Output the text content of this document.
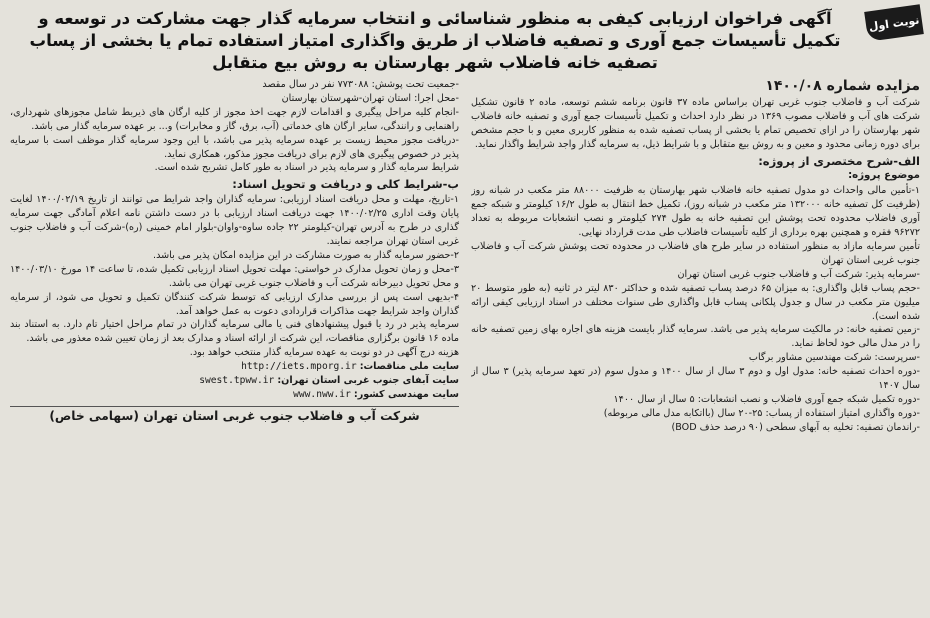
نوبت اول
آگهی فراخوان ارزیابی کیفی به منظور شناسائی و انتخاب سرمایه گذار جهت مشارکت در توسعه و تکمیل تأسیسات جمع آوری و تصفیه فاضلاب از طریق واگذاری امتیاز استفاده تمام یا بخشی از پساب تصفیه خانه فاضلاب شهر بهارستان به روش بیع متقابل
مزایده شماره ۱۴۰۰/۰۸

شرکت آب و فاضلاب جنوب غربی تهران براساس ماده ۳۷ قانون برنامه ششم توسعه، ماده ۲ قانون تشکیل شرکت های آب و فاضلاب مصوب ۱۳۶۹ در نظر دارد احداث و تکمیل تأسیسات جمع آوری و تصفیه خانه فاضلاب شهر بهارستان را در ازای تخصیص تمام یا بخشی از پساب تصفیه شده به منظور کاربری معین و با حجم مشخص برای دوره زمانی محدود و معین و به روش بیع متقابل و با شرایط ذیل، به سرمایه گذار واجد شرایط واگذار نماید.

الف-شرح مختصری از پروژه:
موضوع پروژه:

۱-تأمین مالی واحداث دو مدول تصفیه خانه فاضلاب شهر بهارستان به ظرفیت ۸۸۰۰۰ متر مکعب در شبانه روز (ظرفیت کل تصفیه خانه ۱۳۲۰۰۰ متر مکعب در شبانه روز)، تکمیل خط انتقال به طول ۱۶/۲ کیلومتر و شبکه جمع آوری فاضلاب محدوده تحت پوشش این تصفیه خانه به طول ۲۷۴ کیلومتر و نصب انشعابات مربوطه به تعداد ۹۶۲۷۲ فقره و همچنین بهره برداری از کلیه تأسیسات فاضلاب طی مدت قرارداد نهایی.

تأمین سرمایه مازاد به منظور استفاده در سایر طرح های فاضلاب در محدوده تحت پوشش شرکت آب و فاضلاب جنوب غربی استان تهران

-سرمایه پذیر: شرکت آب و فاضلاب جنوب غربی استان تهران

-حجم پساب قابل واگذاری: به میزان ۶۵ درصد پساب تصفیه شده و حداکثر ۸۳۰ لیتر در ثانیه (به طور متوسط ۲۰ میلیون متر مکعب در سال و جدول پلکانی پساب قابل واگذاری طی سنوات مختلف در اسناد ارزیابی کیفی ارائه شده است).

-زمین تصفیه خانه: در مالکیت سرمایه پذیر می باشد. سرمایه گذار بایست هزینه های اجاره بهای زمین تصفیه خانه را در مدل مالی خود لحاظ نماید.

-سرپرست: شرکت مهندسین مشاور برگاب

-دوره احداث تصفیه خانه: مدول اول و دوم ۳ سال از سال ۱۴۰۰ و مدول سوم (در تعهد سرمایه پذیر) ۳ سال از سال ۱۴۰۷

-دوره تکمیل شبکه جمع آوری فاضلاب و نصب انشعابات: ۵ سال از سال ۱۴۰۰

-دوره واگذاری امتیاز استفاده از پساب: ۲۵-۲۰ سال (بااتکابه مدل مالی مربوطه)

-راندمان تصفیه: تخلیه به آبهای سطحی (۹۰ درصد حذف BOD)

-جمعیت تحت پوشش: ۷۷۳۰۸۸ نفر در سال مقصد

-محل اجرا: استان تهران-شهرستان بهارستان

-انجام کلیه مراحل پیگیری و اقدامات لازم جهت اخذ مجوز از کلیه ارگان های ذیربط شامل مجوزهای شهرداری، راهنمایی و رانندگی، سایر ارگان های خدماتی (آب، برق، گاز و مخابرات) و... بر عهده سرمایه گذار می باشد.

-دریافت مجوز محیط زیست بر عهده سرمایه پذیر می باشد، با این وجود سرمایه گذار موظف است با سرمایه پذیر در خصوص پیگیری های لازم برای دریافت مجوز مذکور، همکاری نماید.

شرایط سرمایه گذار و سرمایه پذیر در اسناد به طور کامل تشریح شده است.

ب-شرایط کلی و دریافت و تحویل اسناد:

۱-تاریخ، مهلت و محل دریافت اسناد ارزیابی: سرمایه گذاران واجد شرایط می توانند از تاریخ ۱۴۰۰/۰۲/۱۹ لغایت پایان وقت اداری ۱۴۰۰/۰۲/۲۵ جهت دریافت اسناد ارزیابی با در دست داشتن نامه اعلام آمادگی جهت سرمایه گذاری در طرح به آدرس تهران-کیلومتر ۲۲ جاده ساوه-واوان-بلوار امام خمینی (ره)-شرکت آب و فاضلاب جنوب غربی استان تهران مراجعه نمایند.

۲-حضور سرمایه گذار به صورت مشارکت در این مزایده امکان پذیر می باشد.

۳-محل و زمان تحویل مدارک در خواستی: مهلت تحویل اسناد ارزیابی تکمیل شده، تا ساعت ۱۴ مورخ ۱۴۰۰/۰۳/۱۰ و محل تحویل دبیرخانه شرکت آب و فاضلاب جنوب غربی تهران می باشد.

۴-بدیهی است پس از بررسی مدارک ارزیابی که توسط شرکت کنندگان تکمیل و تحویل می شود، از سرمایه گذاران واجد شرایط جهت مذاکرات قراردادی دعوت به عمل خواهد آمد.

سرمایه پذیر در رد یا قبول پیشنهادهای فنی یا مالی سرمایه گذاران در تمام مراحل اختیار تام دارد. به استناد بند ماده ۱۶ قانون برگزاری مناقصات، این شرکت از ارائه اسناد و مدارک بعد از زمان تعیین شده معذور می باشد.

هزینه درج آگهی در دو نوبت به عهده سرمایه گذار منتخب خواهد بود.

سایت ملی مناقصات: http://iets.mporg.ir

سایت آبفای جنوب غربی استان تهران: swest.tpww.ir

سایت مهندسی کشور: www.nww.ir

شرکت آب و فاضلاب جنوب غربی استان تهران (سهامی خاص)
